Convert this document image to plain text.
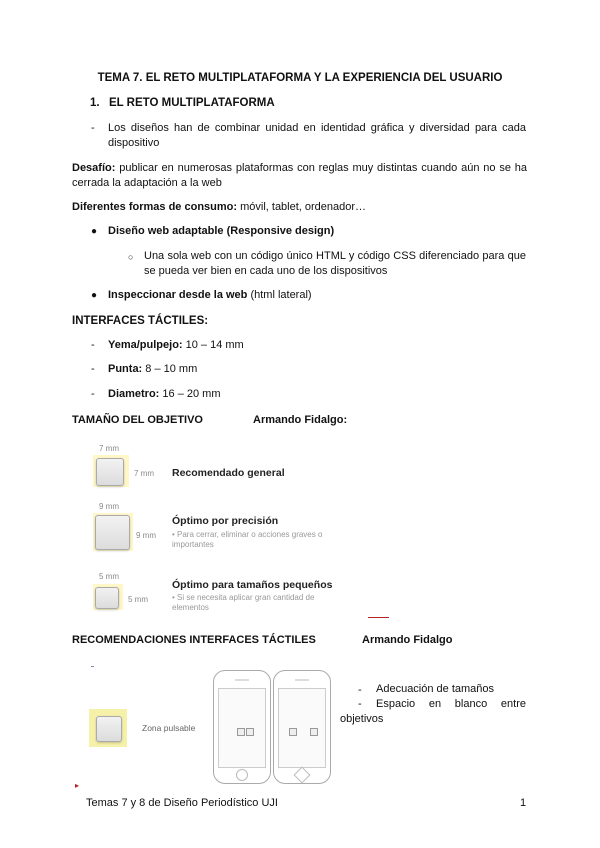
TEMA 7. EL RETO MULTIPLATAFORMA Y LA EXPERIENCIA DEL USUARIO
1. EL RETO MULTIPLATAFORMA
- Los diseños han de combinar unidad en identidad gráfica y diversidad para cada dispositivo
Desafío: publicar en numerosas plataformas con reglas muy distintas cuando aún no se ha cerrada la adaptación a la web
Diferentes formas de consumo: móvil, tablet, ordenador…
● Diseño web adaptable (Responsive design)
○ Una sola web con un código único HTML y código CSS diferenciado para que se pueda ver bien en cada uno de los dispositivos
● Inspeccionar desde la web (html lateral)
INTERFACES TÁCTILES:
- Yema/pulpejo: 10 – 14 mm
- Punta: 8 – 10 mm
- Diametro: 16 – 20 mm
TAMAÑO DEL OBJETIVO	Armando Fidalgo:
7 mm
7 mm Recomendado general
9 mm
9 mm
Óptimo por precisión
• Para cerrar, eliminar o acciones graves o importantes
5 mm
5 mm
Óptimo para tamaños pequeños
• Si se necesita aplicar gran cantidad de elementos
RECOMENDACIONES INTERFACES TÁCTILES	Armando Fidalgo
Zona pulsable
- Adecuación de tamaños
-	Espacio en blanco entre objetivos
▸
Temas 7 y 8 de Diseño Periodístico UJI	1
